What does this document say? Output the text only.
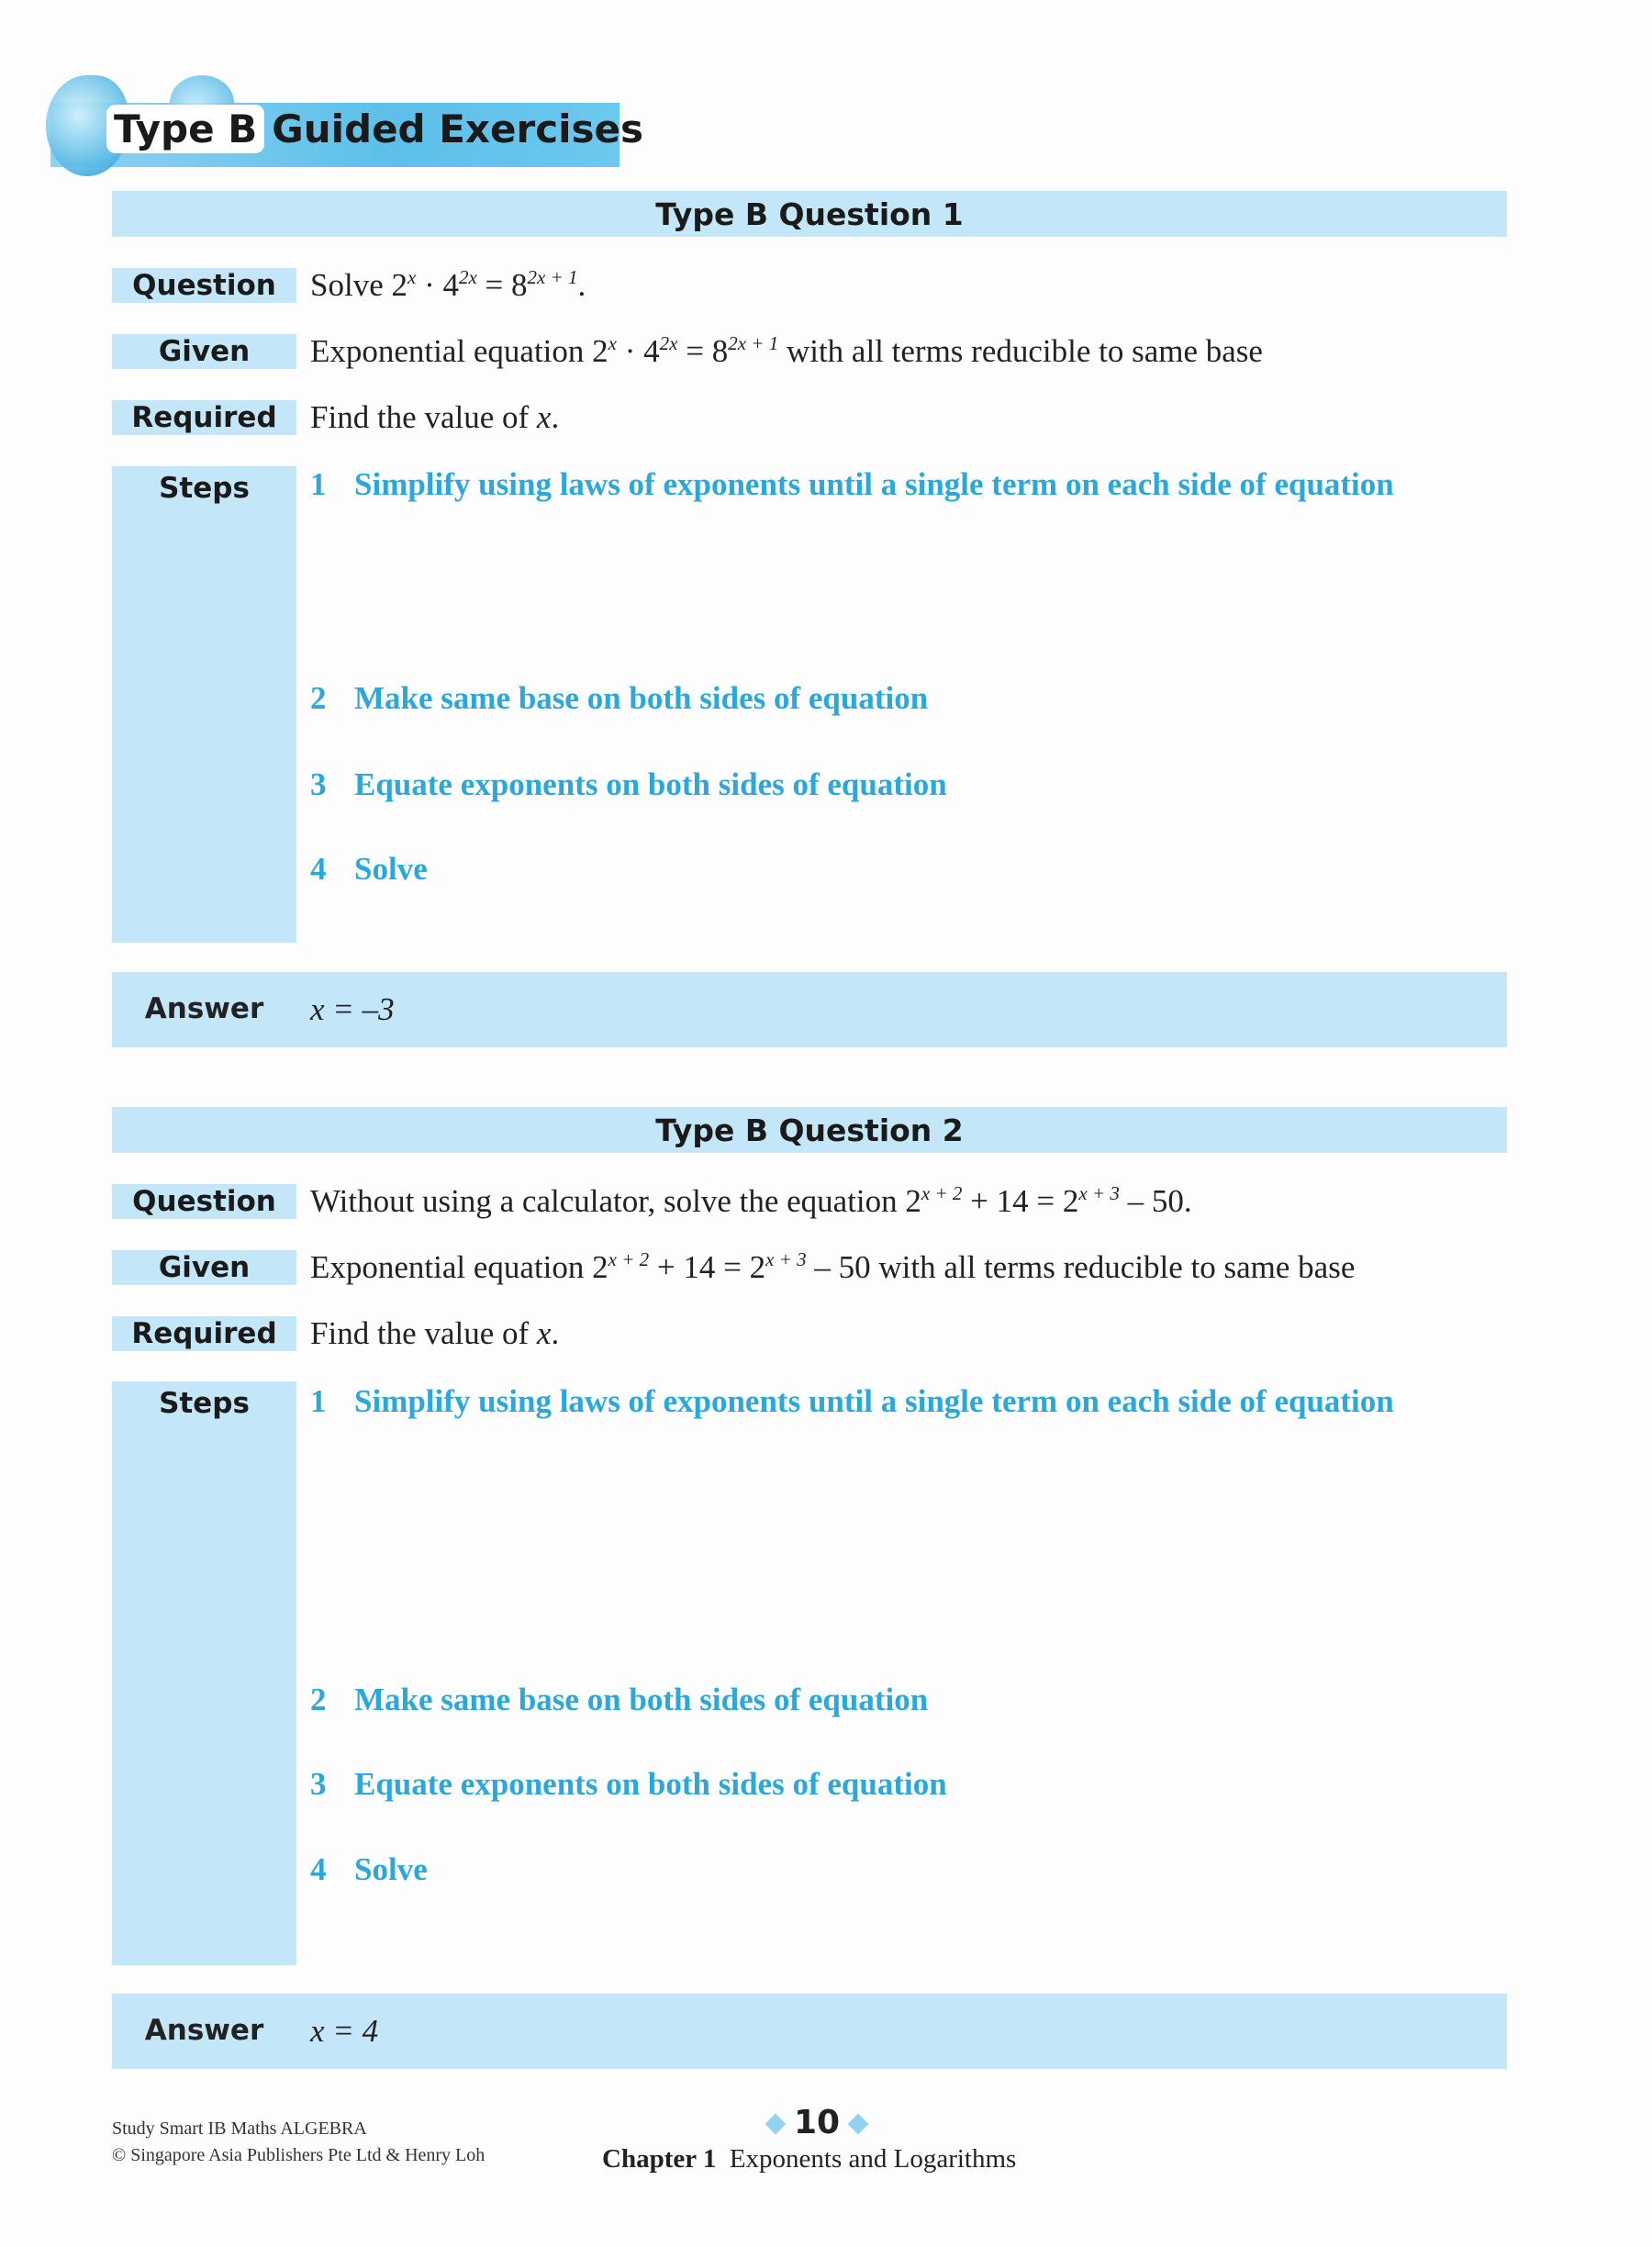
Type B Guided Exercises
Type B Question 1
Question	Solve $2^x \cdot 4^{2x} = 8^{2x + 1}$.
Given	Exponential equation $2^x \cdot 4^{2x} = 8^{2x + 1}$ with all terms reducible to same base
Required	Find the value of x.
Steps	1 Simplify using laws of exponents until a single term on each side of equation
2 Make same base on both sides of equation
3 Equate exponents on both sides of equation
4 Solve
Answer	x = –3
Type B Question 2
Question	Without using a calculator, solve the equation $2^{x + 2} + 14 = 2^{x + 3} - 50$.
Given	Exponential equation $2^{x + 2} + 14 = 2^{x + 3} - 50$ with all terms reducible to same base
Required	Find the value of x.
Steps	1 Simplify using laws of exponents until a single term on each side of equation
2 Make same base on both sides of equation
3 Equate exponents on both sides of equation
4 Solve
Answer	x = 4
Study Smart IB Maths ALGEBRA
© Singapore Asia Publishers Pte Ltd & Henry Loh
10
Chapter 1 Exponents and Logarithms
